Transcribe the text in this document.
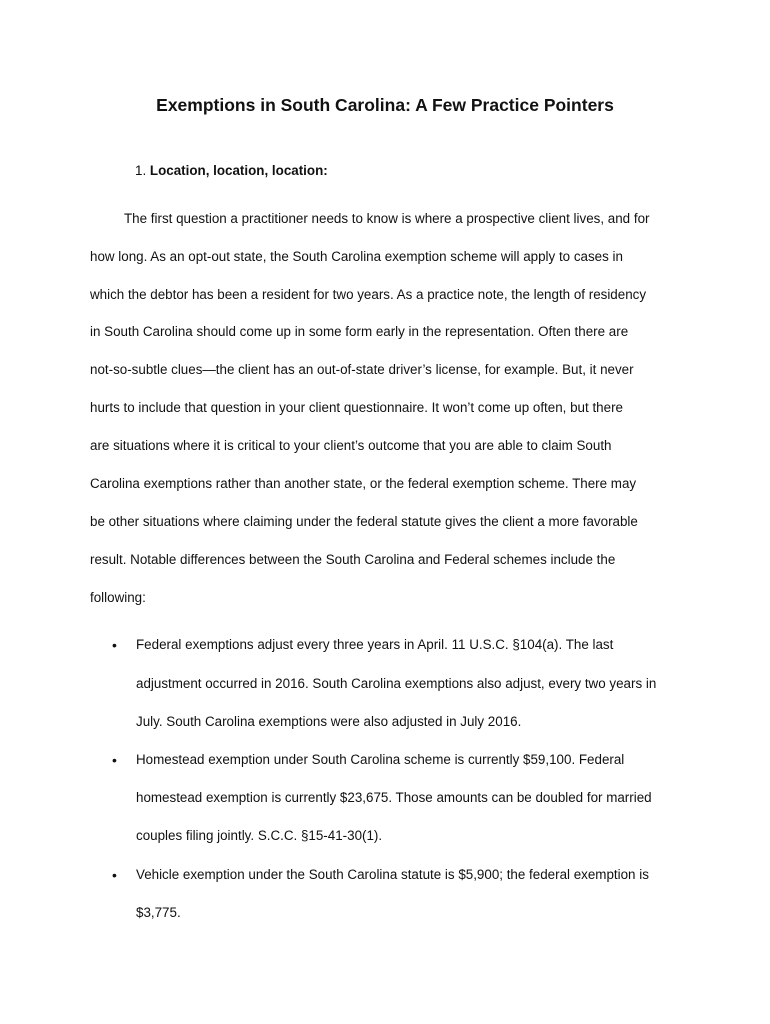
Exemptions in South Carolina: A Few Practice Pointers
1. Location, location, location:
The first question a practitioner needs to know is where a prospective client lives, and for
how long. As an opt-out state, the South Carolina exemption scheme will apply to cases in
which the debtor has been a resident for two years. As a practice note, the length of residency
in South Carolina should come up in some form early in the representation. Often there are
not-so-subtle clues—the client has an out-of-state driver’s license, for example. But, it never
hurts to include that question in your client questionnaire. It won’t come up often, but there
are situations where it is critical to your client’s outcome that you are able to claim South
Carolina exemptions rather than another state, or the federal exemption scheme. There may
be other situations where claiming under the federal statute gives the client a more favorable
result. Notable differences between the South Carolina and Federal schemes include the
following:
• Federal exemptions adjust every three years in April. 11 U.S.C. §104(a). The last
adjustment occurred in 2016. South Carolina exemptions also adjust, every two years in
July. South Carolina exemptions were also adjusted in July 2016.
• Homestead exemption under South Carolina scheme is currently $59,100. Federal
homestead exemption is currently $23,675. Those amounts can be doubled for married
couples filing jointly. S.C.C. §15-41-30(1).
• Vehicle exemption under the South Carolina statute is $5,900; the federal exemption is
$3,775.
